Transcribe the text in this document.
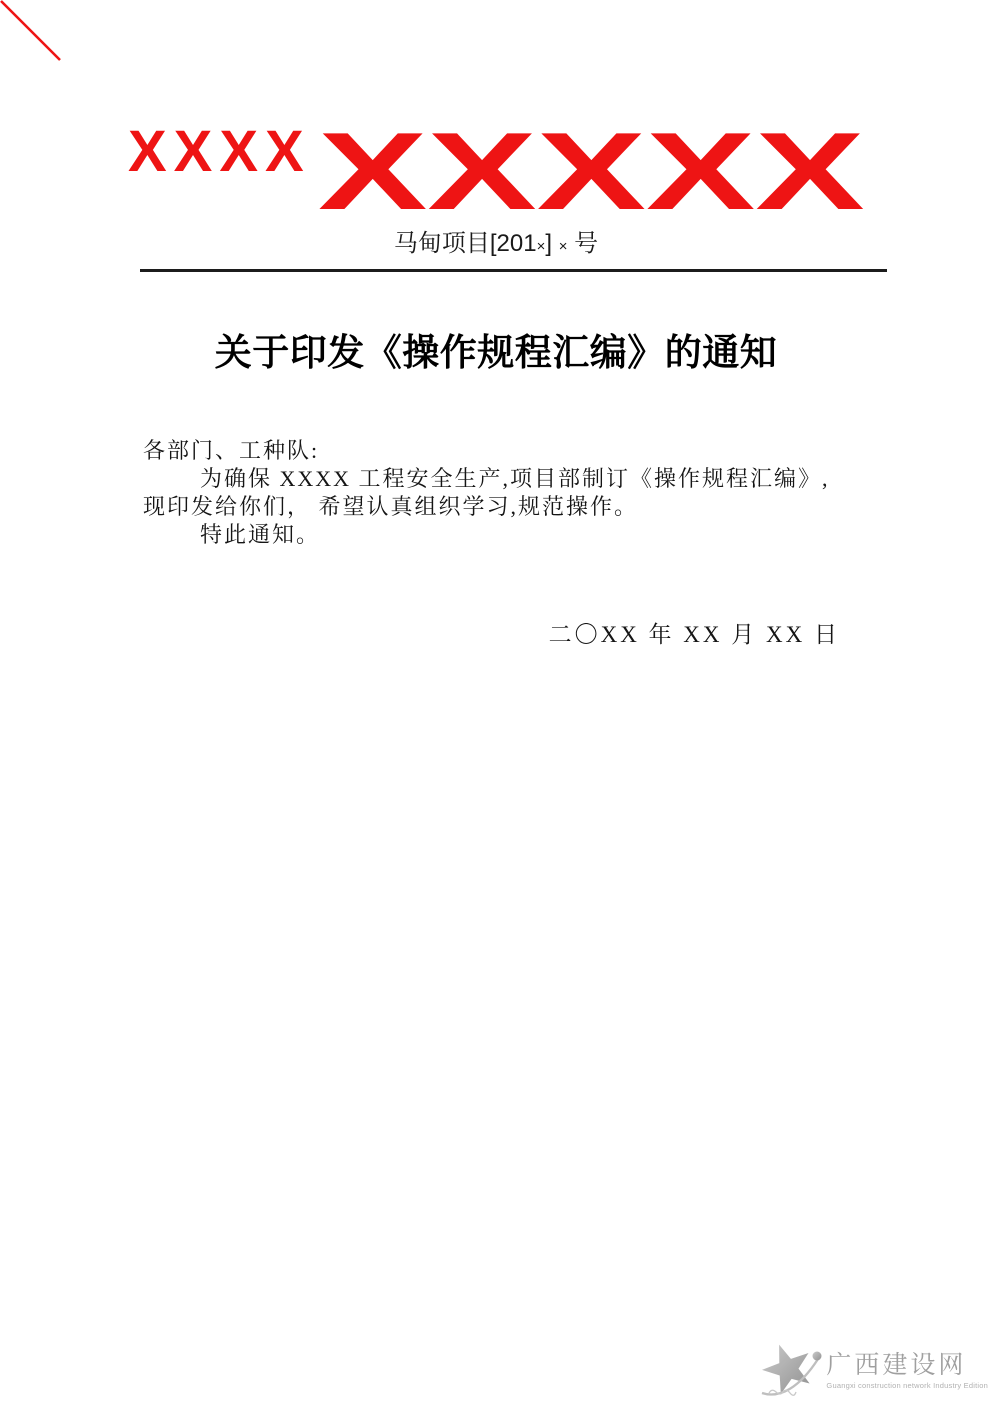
XXXX XXXXX
马甸项目[201×] × 号
关于印发《操作规程汇编》的通知
各部门、工种队:
为确保 XXXX 工程安全生产,项目部制订《操作规程汇编》,
现印发给你们， 希望认真组织学习,规范操作。
特此通知。
二〇XX 年 XX 月 XX 日
广西建设网
Guangxi construction network Industry Edition
